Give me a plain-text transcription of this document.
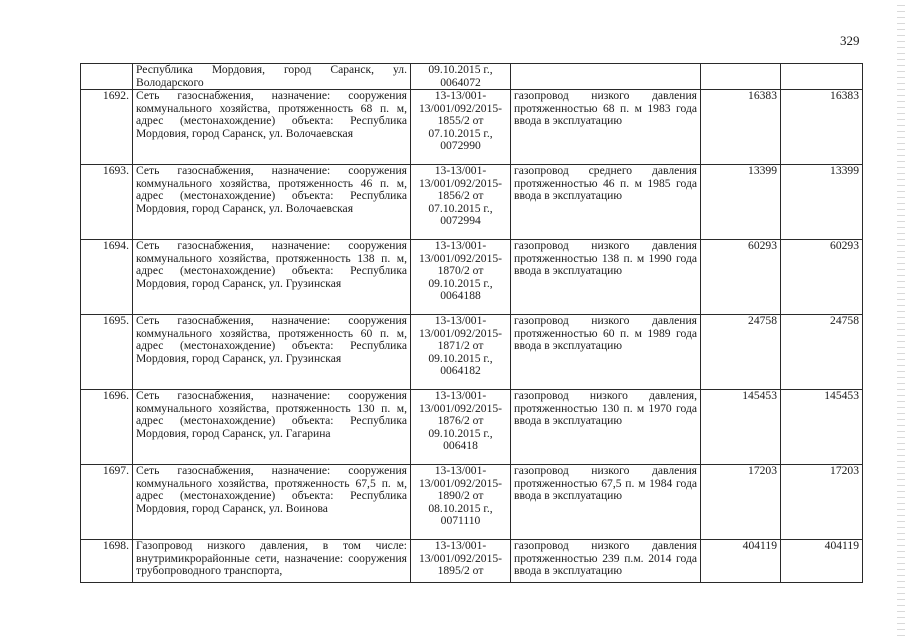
329
	Республика Мордовия, город Саранск, ул. Володарского	09.10.2015 г., 0064072			
1692.	Сеть газоснабжения, назначение: сооружения коммунального хозяйства, протяженность 68 п. м, адрес (местонахождение) объекта: Республика Мордовия, город Саранск, ул. Волочаевская	13-13/001-13/001/092/2015-1855/2 от 07.10.2015 г., 0072990	газопровод низкого давления протяженностью 68 п. м 1983 года ввода в эксплуатацию	16383	16383
1693.	Сеть газоснабжения, назначение: сооружения коммунального хозяйства, протяженность 46 п. м, адрес (местонахождение) объекта: Республика Мордовия, город Саранск, ул. Волочаевская	13-13/001-13/001/092/2015-1856/2 от 07.10.2015 г., 0072994	газопровод среднего давления протяженностью 46 п. м 1985 года ввода в эксплуатацию	13399	13399
1694.	Сеть газоснабжения, назначение: сооружения коммунального хозяйства, протяженность 138 п. м, адрес (местонахождение) объекта: Республика Мордовия, город Саранск, ул. Грузинская	13-13/001-13/001/092/2015-1870/2 от 09.10.2015 г., 0064188	газопровод низкого давления протяженностью 138 п. м 1990 года ввода в эксплуатацию	60293	60293
1695.	Сеть газоснабжения, назначение: сооружения коммунального хозяйства, протяженность 60 п. м, адрес (местонахождение) объекта: Республика Мордовия, город Саранск, ул. Грузинская	13-13/001-13/001/092/2015-1871/2 от 09.10.2015 г., 0064182	газопровод низкого давления протяженностью 60 п. м 1989 года ввода в эксплуатацию	24758	24758
1696.	Сеть газоснабжения, назначение: сооружения коммунального хозяйства, протяженность 130 п. м, адрес (местонахождение) объекта: Республика Мордовия, город Саранск, ул. Гагарина	13-13/001-13/001/092/2015-1876/2 от 09.10.2015 г., 006418	газопровод низкого давления, протяженностью 130 п. м 1970 года ввода в эксплуатацию	145453	145453
1697.	Сеть газоснабжения, назначение: сооружения коммунального хозяйства, протяженность 67,5 п. м, адрес (местонахождение) объекта: Республика Мордовия, город Саранск, ул. Воинова	13-13/001-13/001/092/2015-1890/2 от 08.10.2015 г., 0071110	газопровод низкого давления протяженностью 67,5 п. м 1984 года ввода в эксплуатацию	17203	17203
1698.	Газопровод низкого давления, в том числе: внутримикрорайонные сети, назначение: сооружения трубопроводного транспорта,	13-13/001-13/001/092/2015-1895/2 от	газопровод низкого давления протяженностью 239 п.м. 2014 года ввода в эксплуатацию	404119	404119
